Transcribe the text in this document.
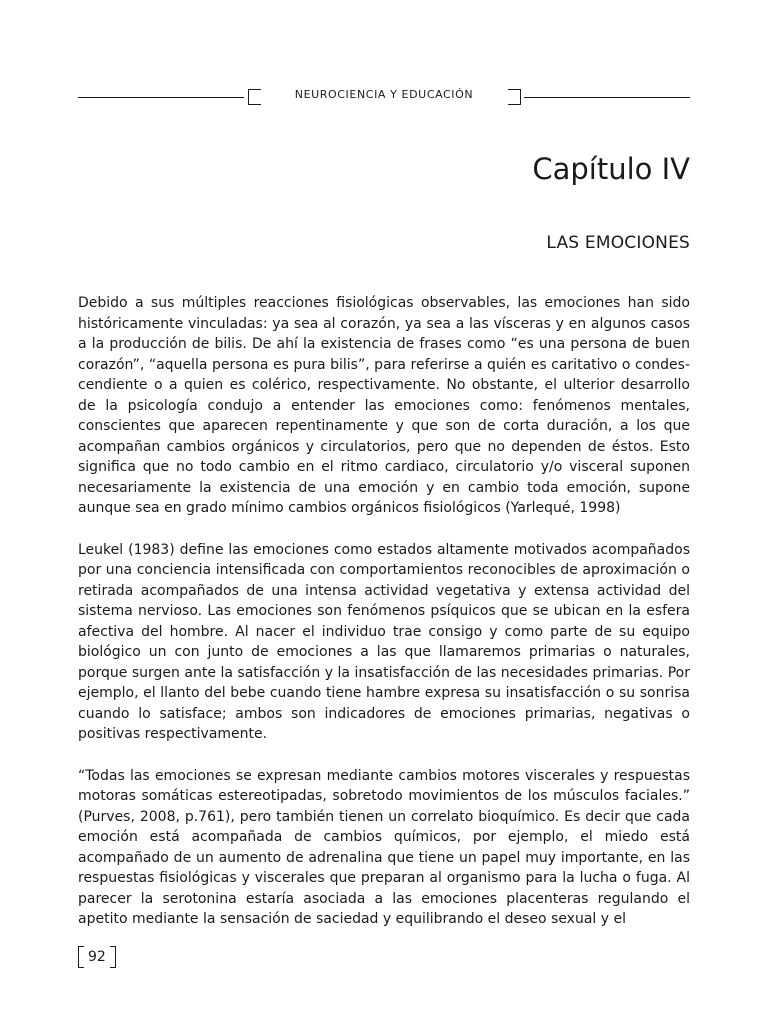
NEUROCIENCIA Y EDUCACIÓN
Capítulo IV
LAS EMOCIONES

Debido a sus múltiples reacciones fisiológicas observables, las emociones han sido históricamente vinculadas: ya sea al corazón, ya sea a las vísceras y en algunos casos a la producción de bilis. De ahí la existencia de frases como “es una persona de buen corazón”, “aquella persona es pura bilis”, para referirse a quién es caritativo o condescendiente o a quien es colérico, respectivamente. No obstante, el ulterior desarrollo de la psicología condujo a entender las emociones como: fenómenos mentales, conscientes que aparecen repentinamente y que son de corta duración, a los que acompañan cambios orgánicos y circulatorios, pero que no dependen de éstos. Esto significa que no todo cambio en el ritmo cardiaco, circulatorio y/o visceral suponen necesariamente la existencia de una emoción y en cambio toda emoción, supone aunque sea en grado mínimo cambios orgánicos fisiológicos (Yarlequé, 1998)

Leukel (1983) define las emociones como estados altamente motivados acompañados por una conciencia intensificada con comportamientos reconocibles de aproximación o retirada acompañados de una intensa actividad vegetativa y extensa actividad del sistema nervioso. Las emociones son fenómenos psíquicos que se ubican en la esfera afectiva del hombre. Al nacer el individuo trae consigo y como parte de su equipo biológico un con junto de emociones a las que llamaremos primarias o naturales, porque surgen ante la satisfacción y la insatisfacción de las necesidades primarias. Por ejemplo, el llanto del bebe cuando tiene hambre expresa su insatisfacción o su sonrisa cuando lo satisface; ambos son indicadores de emociones primarias, negativas o positivas respectivamente.

“Todas las emociones se expresan mediante cambios motores viscerales y respuestas motoras somáticas estereotipadas, sobretodo movimientos de los músculos faciales.” (Purves, 2008, p.761), pero también tienen un correlato bioquímico. Es decir que cada emoción está acompañada de cambios químicos, por ejemplo, el miedo está acompañado de un aumento de adrenalina que tiene un papel muy importante, en las respuestas fisiológicas y viscerales que preparan al organismo para la lucha o fuga. Al parecer la serotonina estaría asociada a las emociones placenteras regulando el apetito mediante la sensación de saciedad y equilibrando el deseo sexual y el

92
